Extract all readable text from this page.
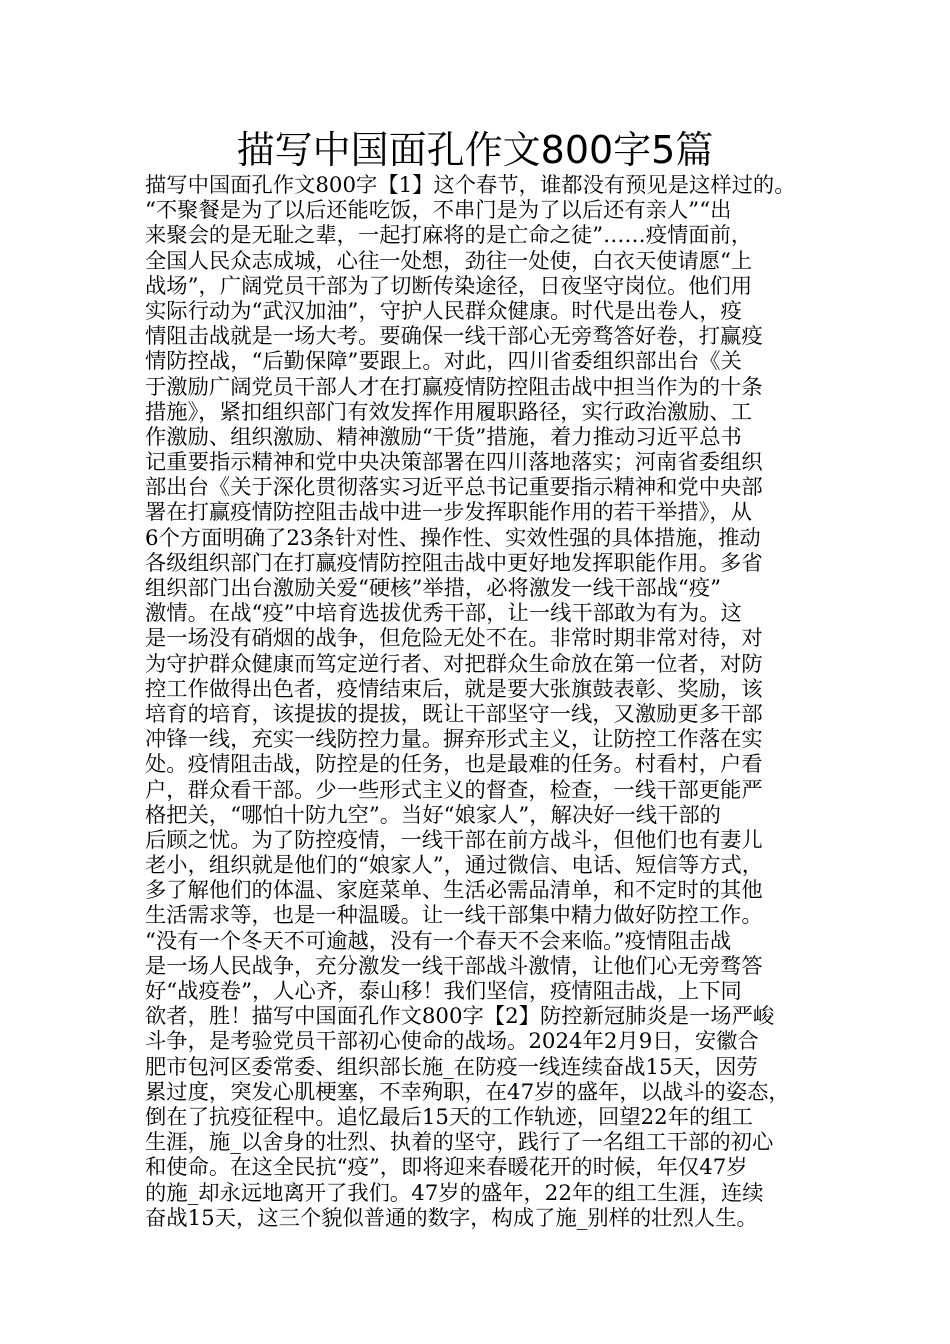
描写中国面孔作文800字5篇
描写中国面孔作文800字【1】这个春节，谁都没有预见是这样过的。
“不聚餐是为了以后还能吃饭，不串门是为了以后还有亲人”“出
来聚会的是无耻之辈，一起打麻将的是亡命之徒”……疫情面前，
全国人民众志成城，心往一处想，劲往一处使，白衣天使请愿“上
战场”，广阔党员干部为了切断传染途径，日夜坚守岗位。他们用
实际行动为“武汉加油”，守护人民群众健康。时代是出卷人，疫
情阻击战就是一场大考。要确保一线干部心无旁骛答好卷，打赢疫
情防控战，“后勤保障”要跟上。对此，四川省委组织部出台《关
于激励广阔党员干部人才在打赢疫情防控阻击战中担当作为的十条
措施》，紧扣组织部门有效发挥作用履职路径，实行政治激励、工
作激励、组织激励、精神激励“干货”措施，着力推动习近平总书
记重要指示精神和党中央决策部署在四川落地落实；河南省委组织
部出台《关于深化贯彻落实习近平总书记重要指示精神和党中央部
署在打赢疫情防控阻击战中进一步发挥职能作用的若干举措》，从
6个方面明确了23条针对性、操作性、实效性强的具体措施，推动
各级组织部门在打赢疫情防控阻击战中更好地发挥职能作用。多省
组织部门出台激励关爱“硬核”举措，必将激发一线干部战“疫”
激情。在战“疫”中培育选拔优秀干部，让一线干部敢为有为。这
是一场没有硝烟的战争，但危险无处不在。非常时期非常对待，对
为守护群众健康而笃定逆行者、对把群众生命放在第一位者，对防
控工作做得出色者，疫情结束后，就是要大张旗鼓表彰、奖励，该
培育的培育，该提拔的提拔，既让干部坚守一线，又激励更多干部
冲锋一线，充实一线防控力量。摒弃形式主义，让防控工作落在实
处。疫情阻击战，防控是的任务，也是最难的任务。村看村，户看
户，群众看干部。少一些形式主义的督查，检查，一线干部更能严
格把关，“哪怕十防九空”。当好“娘家人”，解决好一线干部的
后顾之忧。为了防控疫情，一线干部在前方战斗，但他们也有妻儿
老小，组织就是他们的“娘家人”，通过微信、电话、短信等方式，
多了解他们的体温、家庭菜单、生活必需品清单，和不定时的其他
生活需求等，也是一种温暖。让一线干部集中精力做好防控工作。
“没有一个冬天不可逾越，没有一个春天不会来临。”疫情阻击战
是一场人民战争，充分激发一线干部战斗激情，让他们心无旁骛答
好“战疫卷”，人心齐，泰山移！我们坚信，疫情阻击战，上下同
欲者，胜！描写中国面孔作文800字【2】防控新冠肺炎是一场严峻
斗争，是考验党员干部初心使命的战场。2024年2月9日，安徽合
肥市包河区委常委、组织部长施_在防疫一线连续奋战15天，因劳
累过度，突发心肌梗塞，不幸殉职，在47岁的盛年，以战斗的姿态，
倒在了抗疫征程中。追忆最后15天的工作轨迹，回望22年的组工
生涯，施_以舍身的壮烈、执着的坚守，践行了一名组工干部的初心
和使命。在这全民抗“疫”，即将迎来春暖花开的时候，年仅47岁
的施_却永远地离开了我们。47岁的盛年，22年的组工生涯，连续
奋战15天，这三个貌似普通的数字，构成了施_别样的壮烈人生。
